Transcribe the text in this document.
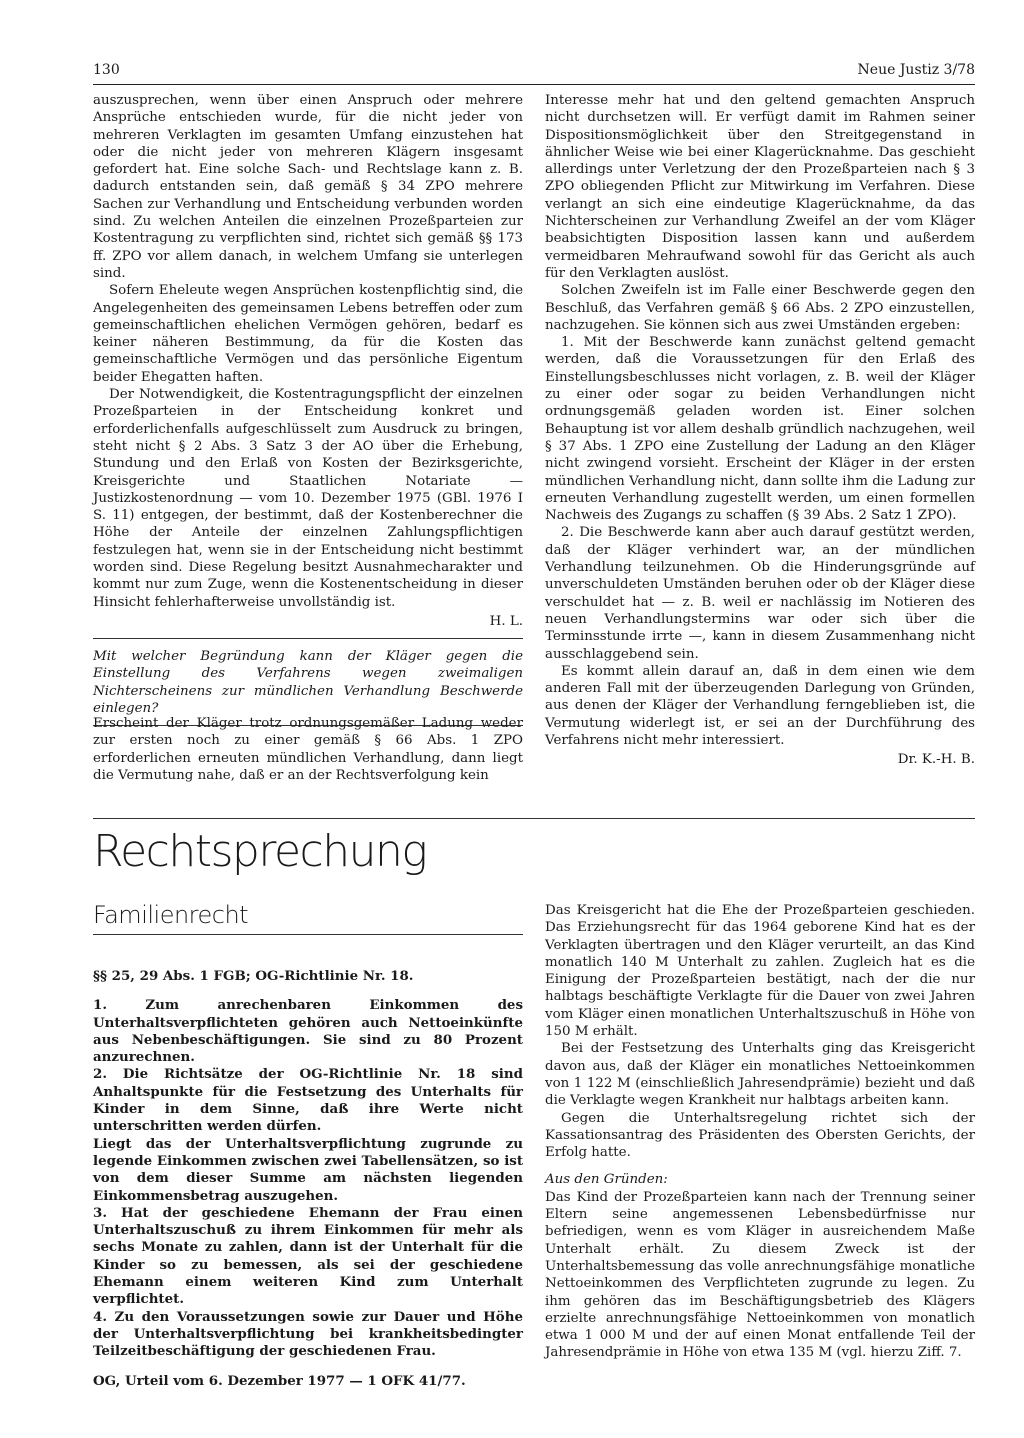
130	Neue Justiz 3/78

auszusprechen, wenn über einen Anspruch oder mehrere Ansprüche entschieden wurde, für die nicht jeder von mehreren Verklagten im gesamten Umfang einzustehen hat oder die nicht jeder von mehreren Klägern insgesamt gefordert hat. Eine solche Sach- und Rechtslage kann z. B. dadurch entstanden sein, daß gemäß § 34 ZPO mehrere Sachen zur Verhandlung und Entscheidung verbunden worden sind. Zu welchen Anteilen die einzelnen Prozeßparteien zur Kostentragung zu verpflichten sind, richtet sich gemäß §§ 173 ff. ZPO vor allem danach, in welchem Umfang sie unterlegen sind.

Sofern Eheleute wegen Ansprüchen kostenpflichtig sind, die Angelegenheiten des gemeinsamen Lebens betreffen oder zum gemeinschaftlichen ehelichen Vermögen gehören, bedarf es keiner näheren Bestimmung, da für die Kosten das gemeinschaftliche Vermögen und das persönliche Eigentum beider Ehegatten haften.

Der Notwendigkeit, die Kostentragungspflicht der einzelnen Prozeßparteien in der Entscheidung konkret und erforderlichenfalls aufgeschlüsselt zum Ausdruck zu bringen, steht nicht § 2 Abs. 3 Satz 3 der AO über die Erhebung, Stundung und den Erlaß von Kosten der Bezirksgerichte, Kreisgerichte und Staatlichen Notariate — Justizkostenordnung — vom 10. Dezember 1975 (GBl. 1976 I S. 11) entgegen, der bestimmt, daß der Kostenberechner die Höhe der Anteile der einzelnen Zahlungspflichtigen festzulegen hat, wenn sie in der Entscheidung nicht bestimmt worden sind. Diese Regelung besitzt Ausnahmecharakter und kommt nur zum Zuge, wenn die Kostenentscheidung in dieser Hinsicht fehlerhafterweise unvollständig ist.

H. L.

Mit welcher Begründung kann der Kläger gegen die Einstellung des Verfahrens wegen zweimaligen Nichterscheinens zur mündlichen Verhandlung Beschwerde einlegen?

Erscheint der Kläger trotz ordnungsgemäßer Ladung weder zur ersten noch zu einer gemäß § 66 Abs. 1 ZPO erforderlichen erneuten mündlichen Verhandlung, dann liegt die Vermutung nahe, daß er an der Rechtsverfolgung kein

Interesse mehr hat und den geltend gemachten Anspruch nicht durchsetzen will. Er verfügt damit im Rahmen seiner Dispositionsmöglichkeit über den Streitgegenstand in ähnlicher Weise wie bei einer Klagerücknahme. Das geschieht allerdings unter Verletzung der den Prozeßparteien nach § 3 ZPO obliegenden Pflicht zur Mitwirkung im Verfahren. Diese verlangt an sich eine eindeutige Klagerücknahme, da das Nichterscheinen zur Verhandlung Zweifel an der vom Kläger beabsichtigten Disposition lassen kann und außerdem vermeidbaren Mehraufwand sowohl für das Gericht als auch für den Verklagten auslöst.

Solchen Zweifeln ist im Falle einer Beschwerde gegen den Beschluß, das Verfahren gemäß § 66 Abs. 2 ZPO einzustellen, nachzugehen. Sie können sich aus zwei Umständen ergeben:

1. Mit der Beschwerde kann zunächst geltend gemacht werden, daß die Voraussetzungen für den Erlaß des Einstellungsbeschlusses nicht vorlagen, z. B. weil der Kläger zu einer oder sogar zu beiden Verhandlungen nicht ordnungsgemäß geladen worden ist. Einer solchen Behauptung ist vor allem deshalb gründlich nachzugehen, weil § 37 Abs. 1 ZPO eine Zustellung der Ladung an den Kläger nicht zwingend vorsieht. Erscheint der Kläger in der ersten mündlichen Verhandlung nicht, dann sollte ihm die Ladung zur erneuten Verhandlung zugestellt werden, um einen formellen Nachweis des Zugangs zu schaffen (§ 39 Abs. 2 Satz 1 ZPO).

2. Die Beschwerde kann aber auch darauf gestützt werden, daß der Kläger verhindert war, an der mündlichen Verhandlung teilzunehmen. Ob die Hinderungsgründe auf unverschuldeten Umständen beruhen oder ob der Kläger diese verschuldet hat — z. B. weil er nachlässig im Notieren des neuen Verhandlungstermins war oder sich über die Terminsstunde irrte —, kann in diesem Zusammenhang nicht ausschlaggebend sein.

Es kommt allein darauf an, daß in dem einen wie dem anderen Fall mit der überzeugenden Darlegung von Gründen, aus denen der Kläger der Verhandlung ferngeblieben ist, die Vermutung widerlegt ist, er sei an der Durchführung des Verfahrens nicht mehr interessiert.

Dr. K.-H. B.

Rechtsprechung
Familienrecht

§§ 25, 29 Abs. 1 FGB; OG-Richtlinie Nr. 18.

1. Zum anrechenbaren Einkommen des Unterhaltsverpflichteten gehören auch Nettoeinkünfte aus Nebenbeschäftigungen. Sie sind zu 80 Prozent anzurechnen.

2. Die Richtsätze der OG-Richtlinie Nr. 18 sind Anhaltspunkte für die Festsetzung des Unterhalts für Kinder in dem Sinne, daß ihre Werte nicht unterschritten werden dürfen.

Liegt das der Unterhaltsverpflichtung zugrunde zu legende Einkommen zwischen zwei Tabellensätzen, so ist von dem dieser Summe am nächsten liegenden Einkommensbetrag auszugehen.

3. Hat der geschiedene Ehemann der Frau einen Unterhaltszuschuß zu ihrem Einkommen für mehr als sechs Monate zu zahlen, dann ist der Unterhalt für die Kinder so zu bemessen, als sei der geschiedene Ehemann einem weiteren Kind zum Unterhalt verpflichtet.

4. Zu den Voraussetzungen sowie zur Dauer und Höhe der Unterhaltsverpflichtung bei krankheitsbedingter Teilzeitbeschäftigung der geschiedenen Frau.

OG, Urteil vom 6. Dezember 1977 — 1 OFK 41/77.

Das Kreisgericht hat die Ehe der Prozeßparteien geschieden. Das Erziehungsrecht für das 1964 geborene Kind hat es der Verklagten übertragen und den Kläger verurteilt, an das Kind monatlich 140 M Unterhalt zu zahlen. Zugleich hat es die Einigung der Prozeßparteien bestätigt, nach der die nur halbtags beschäftigte Verklagte für die Dauer von zwei Jahren vom Kläger einen monatlichen Unterhaltszuschuß in Höhe von 150 M erhält.

Bei der Festsetzung des Unterhalts ging das Kreisgericht davon aus, daß der Kläger ein monatliches Nettoeinkommen von 1 122 M (einschließlich Jahresendprämie) bezieht und daß die Verklagte wegen Krankheit nur halbtags arbeiten kann.

Gegen die Unterhaltsregelung richtet sich der Kassationsantrag des Präsidenten des Obersten Gerichts, der Erfolg hatte.

Aus den Gründen:

Das Kind der Prozeßparteien kann nach der Trennung seiner Eltern seine angemessenen Lebensbedürfnisse nur befriedigen, wenn es vom Kläger in ausreichendem Maße Unterhalt erhält. Zu diesem Zweck ist der Unterhaltsbemessung das volle anrechnungsfähige monatliche Nettoeinkommen des Verpflichteten zugrunde zu legen. Zu ihm gehören das im Beschäftigungsbetrieb des Klägers erzielte anrechnungsfähige Nettoeinkommen von monatlich etwa 1 000 M und der auf einen Monat entfallende Teil der Jahresendprämie in Höhe von etwa 135 M (vgl. hierzu Ziff. 7.
